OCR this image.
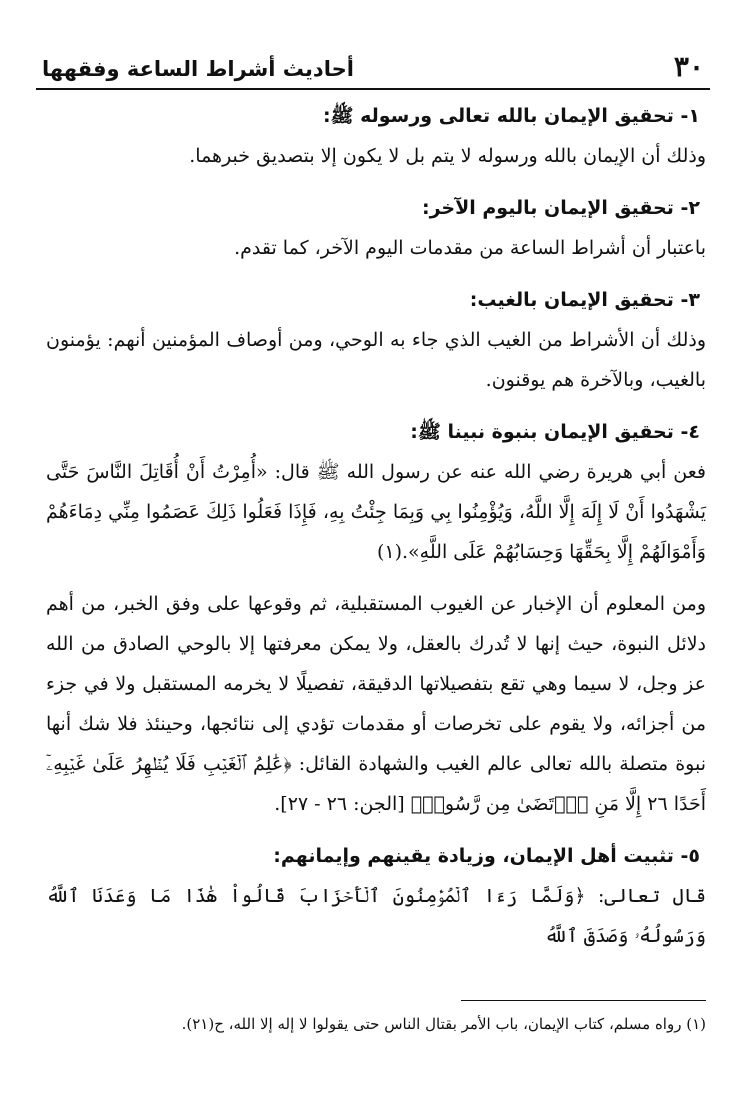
٣٠
أحاديث أشراط الساعة وفقهها

١- تحقيق الإيمان بالله تعالى ورسوله ﷺ:

وذلك أن الإيمان بالله ورسوله لا يتم بل لا يكون إلا بتصديق خبرهما.

٢- تحقيق الإيمان باليوم الآخر:

باعتبار أن أشراط الساعة من مقدمات اليوم الآخر، كما تقدم.

٣- تحقيق الإيمان بالغيب:

وذلك أن الأشراط من الغيب الذي جاء به الوحي، ومن أوصاف المؤمنين أنهم: يؤمنون بالغيب، وبالآخرة هم يوقنون.

٤- تحقيق الإيمان بنبوة نبينا ﷺ:

فعن أبي هريرة رضي الله عنه عن رسول الله ﷺ قال: «أُمِرْتُ أَنْ أُقَاتِلَ النَّاسَ حَتَّى يَشْهَدُوا أَنْ لَا إِلَهَ إِلَّا اللَّهُ، وَيُؤْمِنُوا بِي وَبِمَا جِئْتُ بِهِ، فَإِذَا فَعَلُوا ذَلِكَ عَصَمُوا مِنِّي دِمَاءَهُمْ وَأَمْوَالَهُمْ إِلَّا بِحَقِّهَا وَحِسَابُهُمْ عَلَى اللَّهِ».(١)

ومن المعلوم أن الإخبار عن الغيوب المستقبلية، ثم وقوعها على وفق الخبر، من أهم دلائل النبوة، حيث إنها لا تُدرك بالعقل، ولا يمكن معرفتها إلا بالوحي الصادق من الله عز وجل، لا سيما وهي تقع بتفصيلاتها الدقيقة، تفصيلًا لا يخرمه المستقبل ولا في جزء من أجزائه، ولا يقوم على تخرصات أو مقدمات تؤدي إلى نتائجها، وحينئذ فلا شك أنها نبوة متصلة بالله تعالى عالم الغيب والشهادة القائل: ﴿عَٰلِمُ ٱلۡغَيۡبِ فَلَا يُظۡهِرُ عَلَىٰ غَيۡبِهِۦٓ أَحَدًا ٢٦ إِلَّا مَنِ ٱرۡتَضَىٰ مِن رَّسُولٖ﴾ [الجن: ٢٦ - ٢٧].

٥- تثبيت أهل الإيمان، وزيادة يقينهم وإيمانهم:

قال تعالى: ﴿وَلَمَّا رَءَا ٱلۡمُؤۡمِنُونَ ٱلۡأَحۡزَابَ قَالُواْ هَٰذَا مَا وَعَدَنَا ٱللَّهُ وَرَسُولُهُۥ وَصَدَقَ ٱللَّهُ

(١) رواه مسلم، كتاب الإيمان، باب الأمر بقتال الناس حتى يقولوا لا إله إلا الله، ح(٢١).
